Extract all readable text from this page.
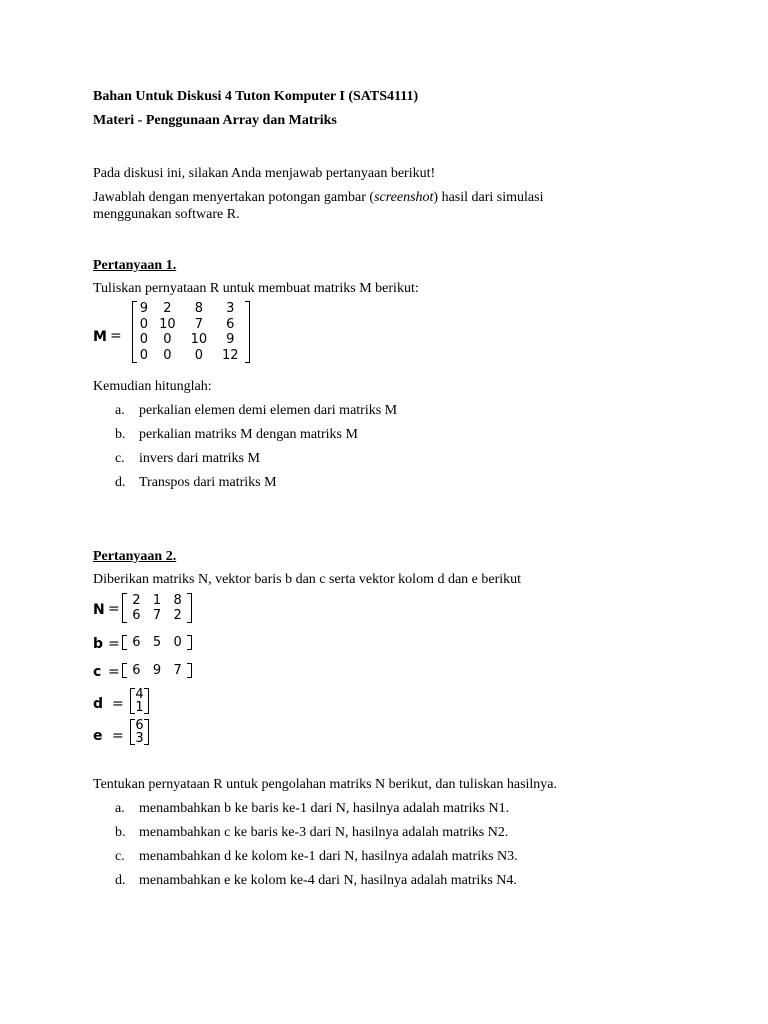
Bahan Untuk Diskusi 4 Tuton Komputer I (SATS4111)
Materi - Penggunaan Array dan Matriks
Pada diskusi ini, silakan Anda menjawab pertanyaan berikut!
Jawablah dengan menyertakan potongan gambar (screenshot) hasil dari simulasi
menggunakan software R.
Pertanyaan 1.
Tuliskan pernyataan R untuk membuat matriks M berikut:
M =
9	2	8	3
0	10	7	6
0	0	10	9
0	0	0	12
Kemudian hitunglah:
a. perkalian elemen demi elemen dari matriks M
b. perkalian matriks M dengan matriks M
c. invers dari matriks M
d. Transpos dari matriks M
Pertanyaan 2.
Diberikan matriks N, vektor baris b dan c serta vektor kolom d dan e berikut
N =
2	1	8
6	7	2
b = 6	5	0
c = 6	9	7
d =
4
1
e =
6
3
Tentukan pernyataan R untuk pengolahan matriks N berikut, dan tuliskan hasilnya.
a. menambahkan b ke baris ke-1 dari N, hasilnya adalah matriks N1.
b. menambahkan c ke baris ke-3 dari N, hasilnya adalah matriks N2.
c. menambahkan d ke kolom ke-1 dari N, hasilnya adalah matriks N3.
d. menambahkan e ke kolom ke-4 dari N, hasilnya adalah matriks N4.
